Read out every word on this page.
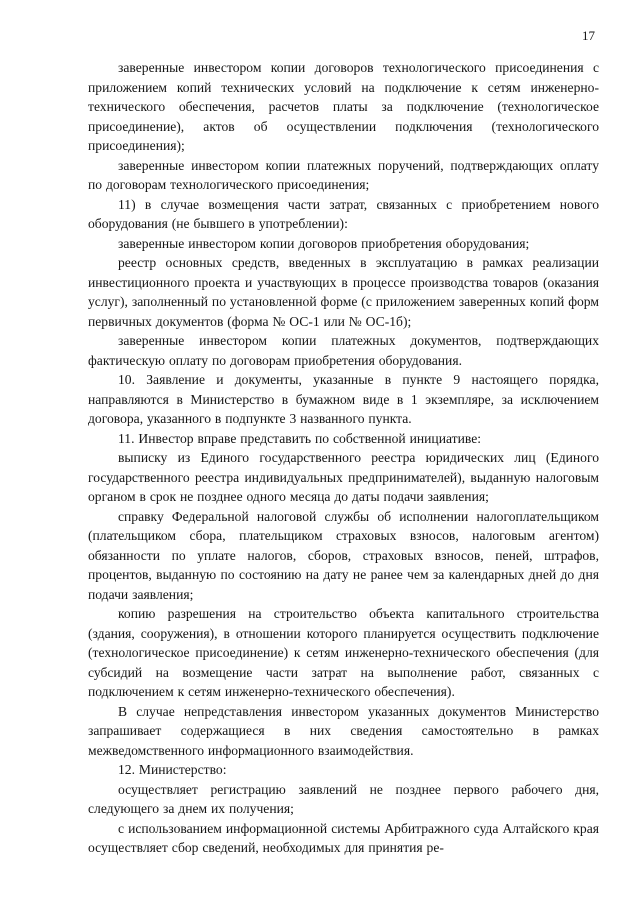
17

заверенные инвестором копии договоров технологического присоединения с приложением копий технических условий на подключение к сетям инженерно-технического обеспечения, расчетов платы за подключение (технологическое присоединение), актов об осуществлении подключения (технологического присоединения);

заверенные инвестором копии платежных поручений, подтверждающих оплату по договорам технологического присоединения;

11) в случае возмещения части затрат, связанных с приобретением нового оборудования (не бывшего в употреблении):

заверенные инвестором копии договоров приобретения оборудования;

реестр основных средств, введенных в эксплуатацию в рамках реализации инвестиционного проекта и участвующих в процессе производства товаров (оказания услуг), заполненный по установленной форме (с приложением заверенных копий форм первичных документов (форма № ОС-1 или № ОС-1б);

заверенные инвестором копии платежных документов, подтверждающих фактическую оплату по договорам приобретения оборудования.

10. Заявление и документы, указанные в пункте 9 настоящего порядка, направляются в Министерство в бумажном виде в 1 экземпляре, за исключением договора, указанного в подпункте 3 названного пункта.

11. Инвестор вправе представить по собственной инициативе:

выписку из Единого государственного реестра юридических лиц (Единого государственного реестра индивидуальных предпринимателей), выданную налоговым органом в срок не позднее одного месяца до даты подачи заявления;

справку Федеральной налоговой службы об исполнении налогоплательщиком (плательщиком сбора, плательщиком страховых взносов, налоговым агентом) обязанности по уплате налогов, сборов, страховых взносов, пеней, штрафов, процентов, выданную по состоянию на дату не ранее чем за календарных дней до дня подачи заявления;

копию разрешения на строительство объекта капитального строительства (здания, сооружения), в отношении которого планируется осуществить подключение (технологическое присоединение) к сетям инженерно-технического обеспечения (для субсидий на возмещение части затрат на выполнение работ, связанных с подключением к сетям инженерно-технического обеспечения).

В случае непредставления инвестором указанных документов Министерство запрашивает содержащиеся в них сведения самостоятельно в рамках межведомственного информационного взаимодействия.

12. Министерство:

осуществляет регистрацию заявлений не позднее первого рабочего дня, следующего за днем их получения;

с использованием информационной системы Арбитражного суда Алтайского края осуществляет сбор сведений, необходимых для принятия ре-
